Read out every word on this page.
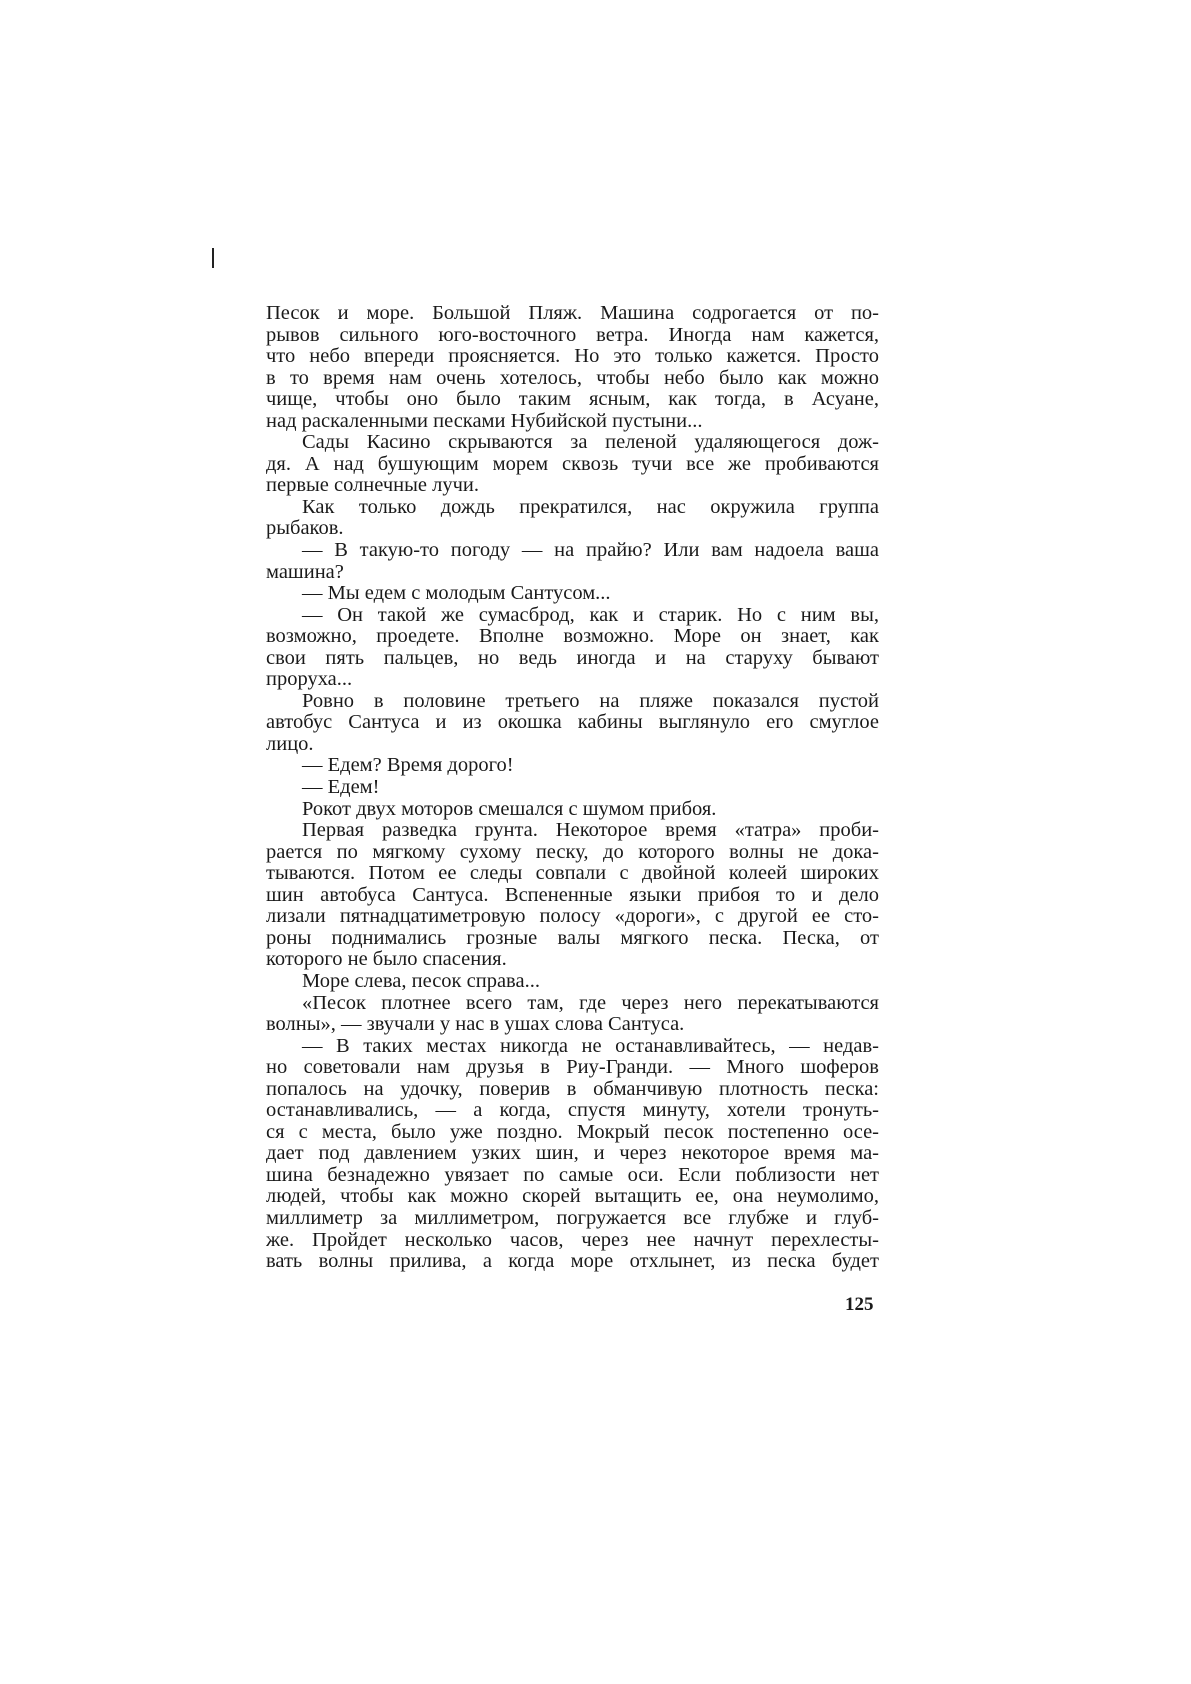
Песок и море. Большой Пляж. Машина содрогается от по-
рывов сильного юго-восточного ветра. Иногда нам кажется,
что небо впереди проясняется. Но это только кажется. Просто
в то время нам очень хотелось, чтобы небо было как можно
чище, чтобы оно было таким ясным, как тогда, в Асуане,
над раскаленными песками Нубийской пустыни...
Сады Касино скрываются за пеленой удаляющегося дож-
дя. А над бушующим морем сквозь тучи все же пробиваются
первые солнечные лучи.
Как только дождь прекратился, нас окружила группа
рыбаков.
— В такую-то погоду — на прайю? Или вам надоела ваша
машина?
— Мы едем с молодым Сантусом...
— Он такой же сумасброд, как и старик. Но с ним вы,
возможно, проедете. Вполне возможно. Море он знает, как
свои пять пальцев, но ведь иногда и на старуху бывают
проруха...
Ровно в половине третьего на пляже показался пустой
автобус Сантуса и из окошка кабины выглянуло его смуглое
лицо.
— Едем? Время дорого!
— Едем!
Рокот двух моторов смешался с шумом прибоя.
Первая разведка грунта. Некоторое время «татра» проби-
рается по мягкому сухому песку, до которого волны не дока-
тываются. Потом ее следы совпали с двойной колеей широких
шин автобуса Сантуса. Вспененные языки прибоя то и дело
лизали пятнадцатиметровую полосу «дороги», с другой ее сто-
роны поднимались грозные валы мягкого песка. Песка, от
которого не было спасения.
Море слева, песок справа...
«Песок плотнее всего там, где через него перекатываются
волны», — звучали у нас в ушах слова Сантуса.
— В таких местах никогда не останавливайтесь, — недав-
но советовали нам друзья в Риу-Гранди. — Много шоферов
попалось на удочку, поверив в обманчивую плотность песка:
останавливались, — а когда, спустя минуту, хотели тронуть-
ся с места, было уже поздно. Мокрый песок постепенно осе-
дает под давлением узких шин, и через некоторое время ма-
шина безнадежно увязает по самые оси. Если поблизости нет
людей, чтобы как можно скорей вытащить ее, она неумолимо,
миллиметр за миллиметром, погружается все глубже и глуб-
же. Пройдет несколько часов, через нее начнут перехлесты-
вать волны прилива, а когда море отхлынет, из песка будет
125
